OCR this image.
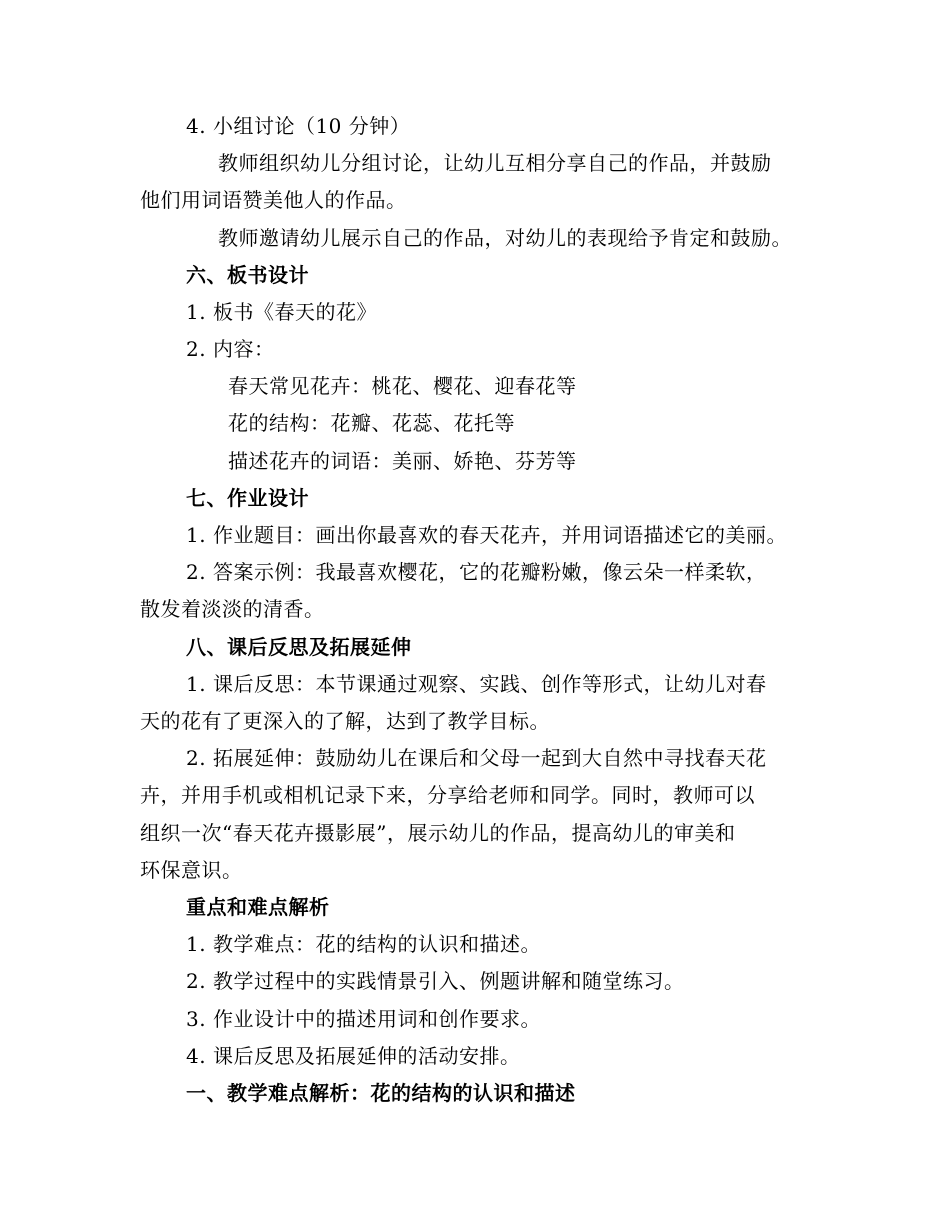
4. 小组讨论（10 分钟）
教师组织幼儿分组讨论，让幼儿互相分享自己的作品，并鼓励
他们用词语赞美他人的作品。
教师邀请幼儿展示自己的作品，对幼儿的表现给予肯定和鼓励。
六、板书设计
1. 板书《春天的花》
2. 内容：
春天常见花卉：桃花、樱花、迎春花等
花的结构：花瓣、花蕊、花托等
描述花卉的词语：美丽、娇艳、芬芳等
七、作业设计
1. 作业题目：画出你最喜欢的春天花卉，并用词语描述它的美丽。
2. 答案示例：我最喜欢樱花，它的花瓣粉嫩，像云朵一样柔软，
散发着淡淡的清香。
八、课后反思及拓展延伸
1. 课后反思：本节课通过观察、实践、创作等形式，让幼儿对春
天的花有了更深入的了解，达到了教学目标。
2. 拓展延伸：鼓励幼儿在课后和父母一起到大自然中寻找春天花
卉，并用手机或相机记录下来，分享给老师和同学。同时，教师可以
组织一次“春天花卉摄影展”，展示幼儿的作品，提高幼儿的审美和
环保意识。
重点和难点解析
1. 教学难点：花的结构的认识和描述。
2. 教学过程中的实践情景引入、例题讲解和随堂练习。
3. 作业设计中的描述用词和创作要求。
4. 课后反思及拓展延伸的活动安排。
一、教学难点解析：花的结构的认识和描述
